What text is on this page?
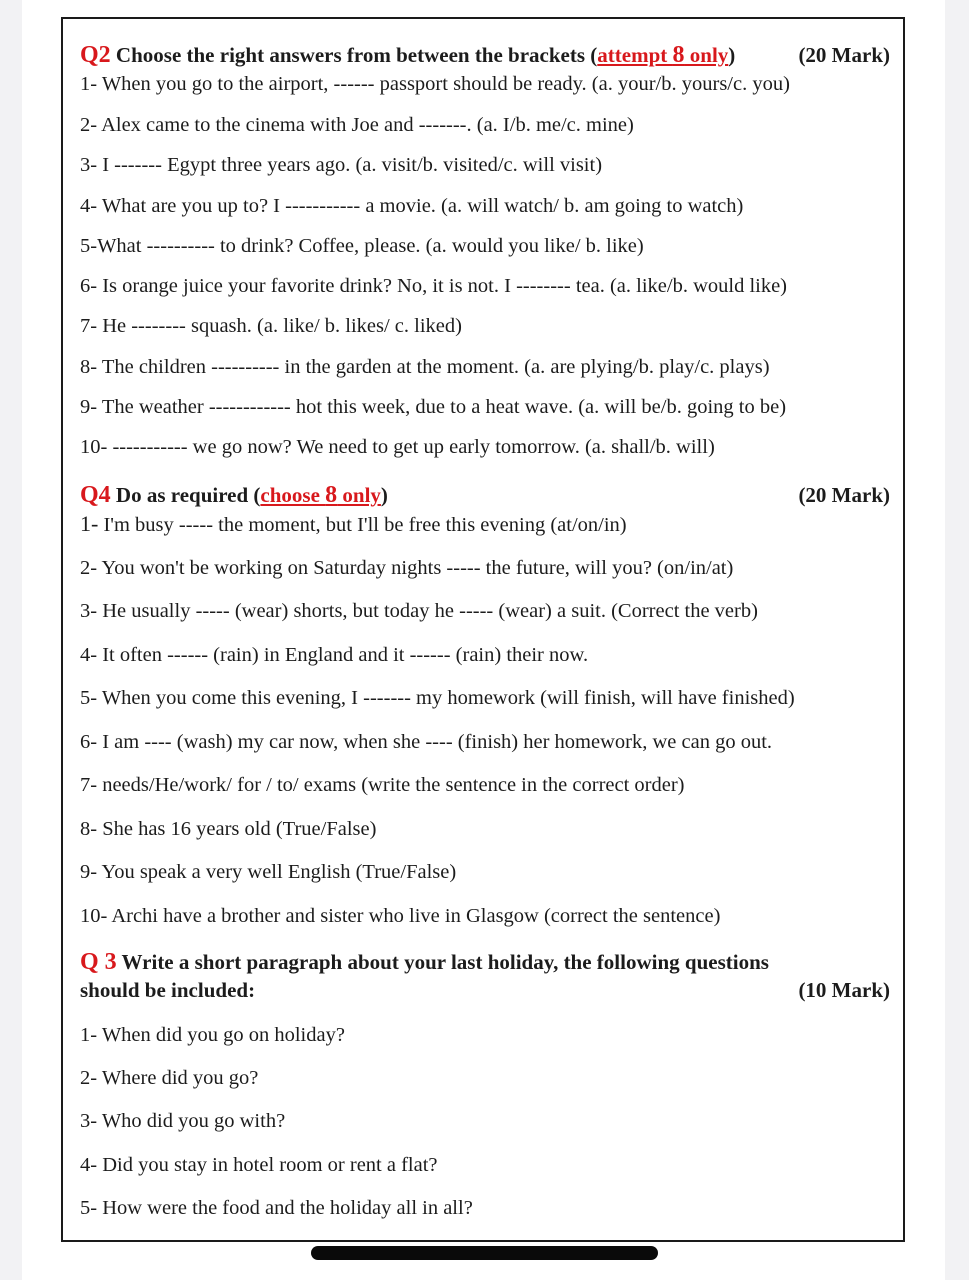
Q2 Choose the right answers from between the brackets (attempt 8 only)	(20 Mark)
1- When you go to the airport, ------ passport should be ready. (a. your/b. yours/c. you)
2- Alex came to the cinema with Joe and -------. (a. I/b. me/c. mine)
3- I ------- Egypt three years ago. (a. visit/b. visited/c. will visit)
4- What are you up to? I ----------- a movie. (a. will watch/ b. am going to watch)
5-What ---------- to drink? Coffee, please. (a. would you like/ b. like)
6- Is orange juice your favorite drink? No, it is not. I -------- tea. (a. like/b. would like)
7- He -------- squash. (a. like/ b. likes/ c. liked)
8- The children ---------- in the garden at the moment. (a. are plying/b. play/c. plays)
9- The weather ------------ hot this week, due to a heat wave. (a. will be/b. going to be)
10- ----------- we go now? We need to get up early tomorrow. (a. shall/b. will)
Q4 Do as required (choose 8 only)	(20 Mark)
1- I'm busy ----- the moment, but I'll be free this evening (at/on/in)
2- You won't be working on Saturday nights ----- the future, will you? (on/in/at)
3- He usually ----- (wear) shorts, but today he ----- (wear) a suit. (Correct the verb)
4- It often ------ (rain) in England and it ------ (rain) their now.
5- When you come this evening, I ------- my homework (will finish, will have finished)
6- I am ---- (wash) my car now, when she ---- (finish) her homework, we can go out.
7- needs/He/work/ for / to/ exams (write the sentence in the correct order)
8- She has 16 years old (True/False)
9- You speak a very well English (True/False)
10- Archi have a brother and sister who live in Glasgow (correct the sentence)
Q 3 Write a short paragraph about your last holiday, the following questions
should be included:	(10 Mark)
1- When did you go on holiday?
2- Where did you go?
3- Who did you go with?
4- Did you stay in hotel room or rent a flat?
5- How were the food and the holiday all in all?
